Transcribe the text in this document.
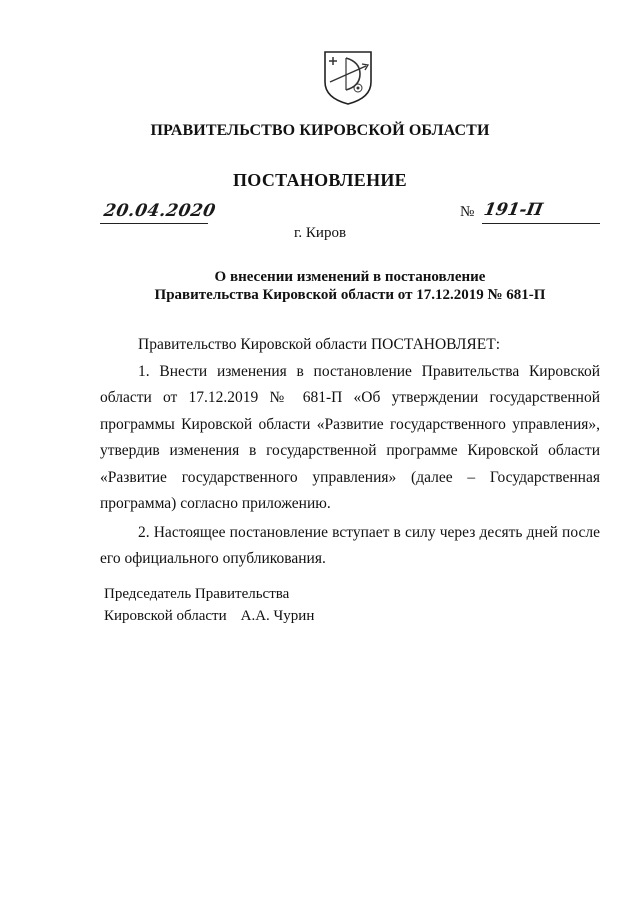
ПРАВИТЕЛЬСТВО КИРОВСКОЙ ОБЛАСТИ
ПОСТАНОВЛЕНИЕ
20.04.2020	№ 191-П
г. Киров
О внесении изменений в постановление
Правительства Кировской области от 17.12.2019 № 681-П

Правительство Кировской области ПОСТАНОВЛЯЕТ:

1. Внести изменения в постановление Правительства Кировской области от 17.12.2019 № 681-П «Об утверждении государственной программы Кировской области «Развитие государственного управления», утвердив изменения в государственной программе Кировской области «Развитие государственного управления» (далее – Государственная программа) согласно приложению.

2. Настоящее постановление вступает в силу через десять дней после его официального опубликования.

Председатель Правительства
Кировской области А.А. Чурин
